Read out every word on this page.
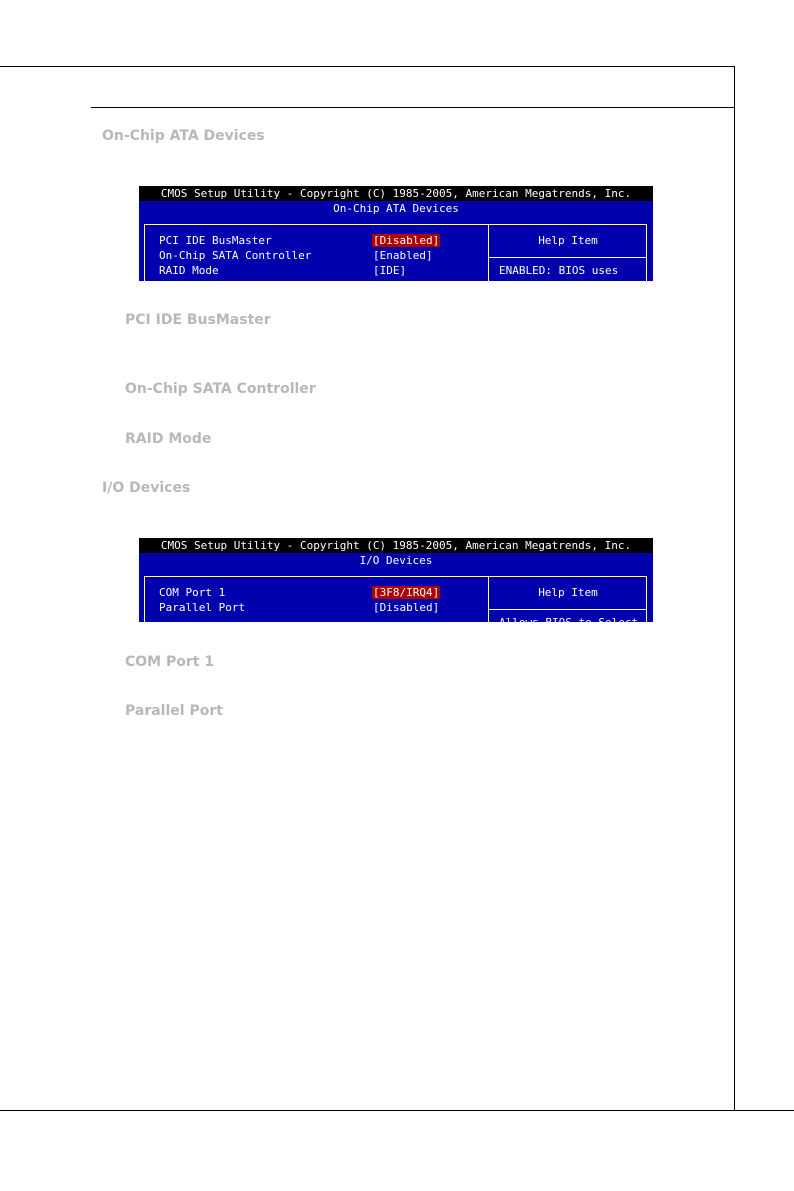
On-Chip ATA Devices
CMOS Setup Utility - Copyright (C) 1985-2005, American Megatrends, Inc.
On-Chip ATA Devices
PCI IDE BusMaster	[Disabled]
On-Chip SATA Controller	[Enabled]
RAID Mode	[IDE]
Help Item
ENABLED: BIOS uses
PCI IDE BusMaster
On-Chip SATA Controller
RAID Mode
I/O Devices
CMOS Setup Utility - Copyright (C) 1985-2005, American Megatrends, Inc.
I/O Devices
COM Port 1	[3F8/IRQ4]
Parallel Port	[Disabled]
Help Item
Allows BIOS to Select
COM Port 1
Parallel Port
